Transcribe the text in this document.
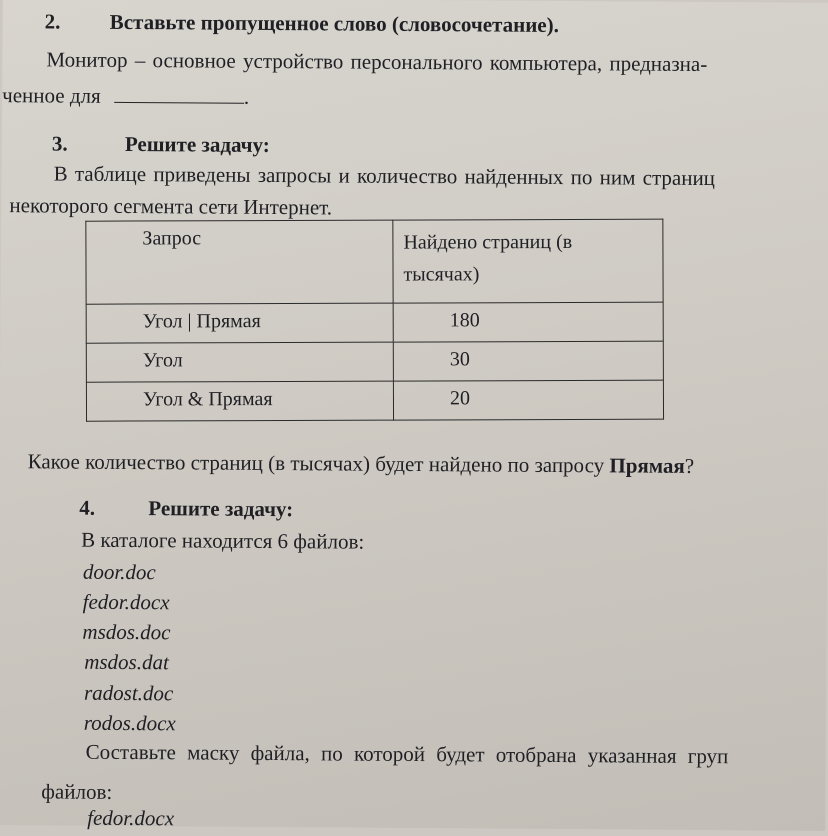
2. Вставьте пропущенное слово (словосочетание).
Монитор – основное устройство персонального компьютера, предназна-
ченное для	.
3.	Решите задачу:
В таблице приведены запросы и количество найденных по ним страниц
некоторого сегмента сети Интернет.
Запрос	Найдено страниц (в тысячах)
Угол | Прямая	180
Угол	30
Угол & Прямая	20
Какое количество страниц (в тысячах) будет найдено по запросу Прямая?
4.	Решите задачу:
В каталоге находится 6 файлов:
door.doc
fedor.docx
msdos.doc
msdos.dat
radost.doc
rodos.docx
Составьте маску файла, по которой будет отобрана указанная груп
файлов:
fedor.docx
